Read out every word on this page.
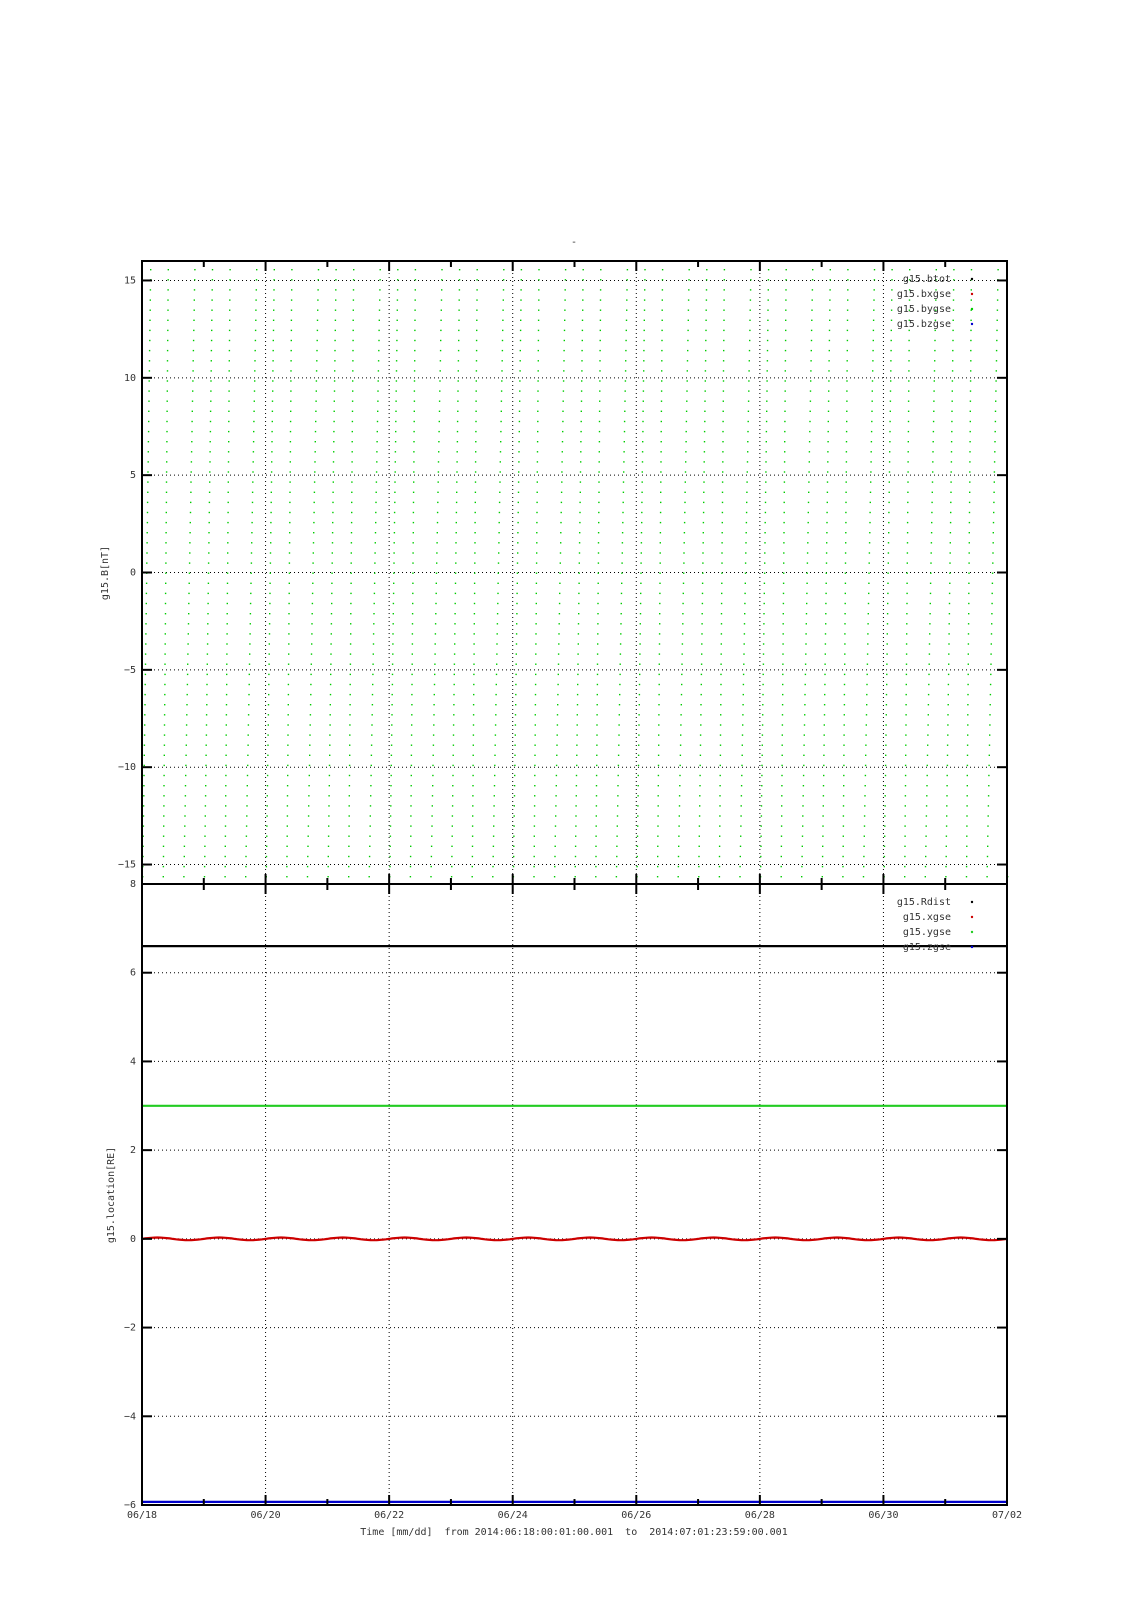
-
15
10
5
0
−5
−10
−15
g15.B[nT]
g15.btot
g15.bxgse
g15.bygse
g15.bzgse
8
6
4
2
0
−2
−4
−6
g15.location[RE]
g15.Rdist
g15.xgse
g15.ygse
g15.zgse
06/18	06/20	06/22	06/24	06/26	06/28	06/30	07/02
Time [mm/dd]  from 2014:06:18:00:01:00.001  to  2014:07:01:23:59:00.001
